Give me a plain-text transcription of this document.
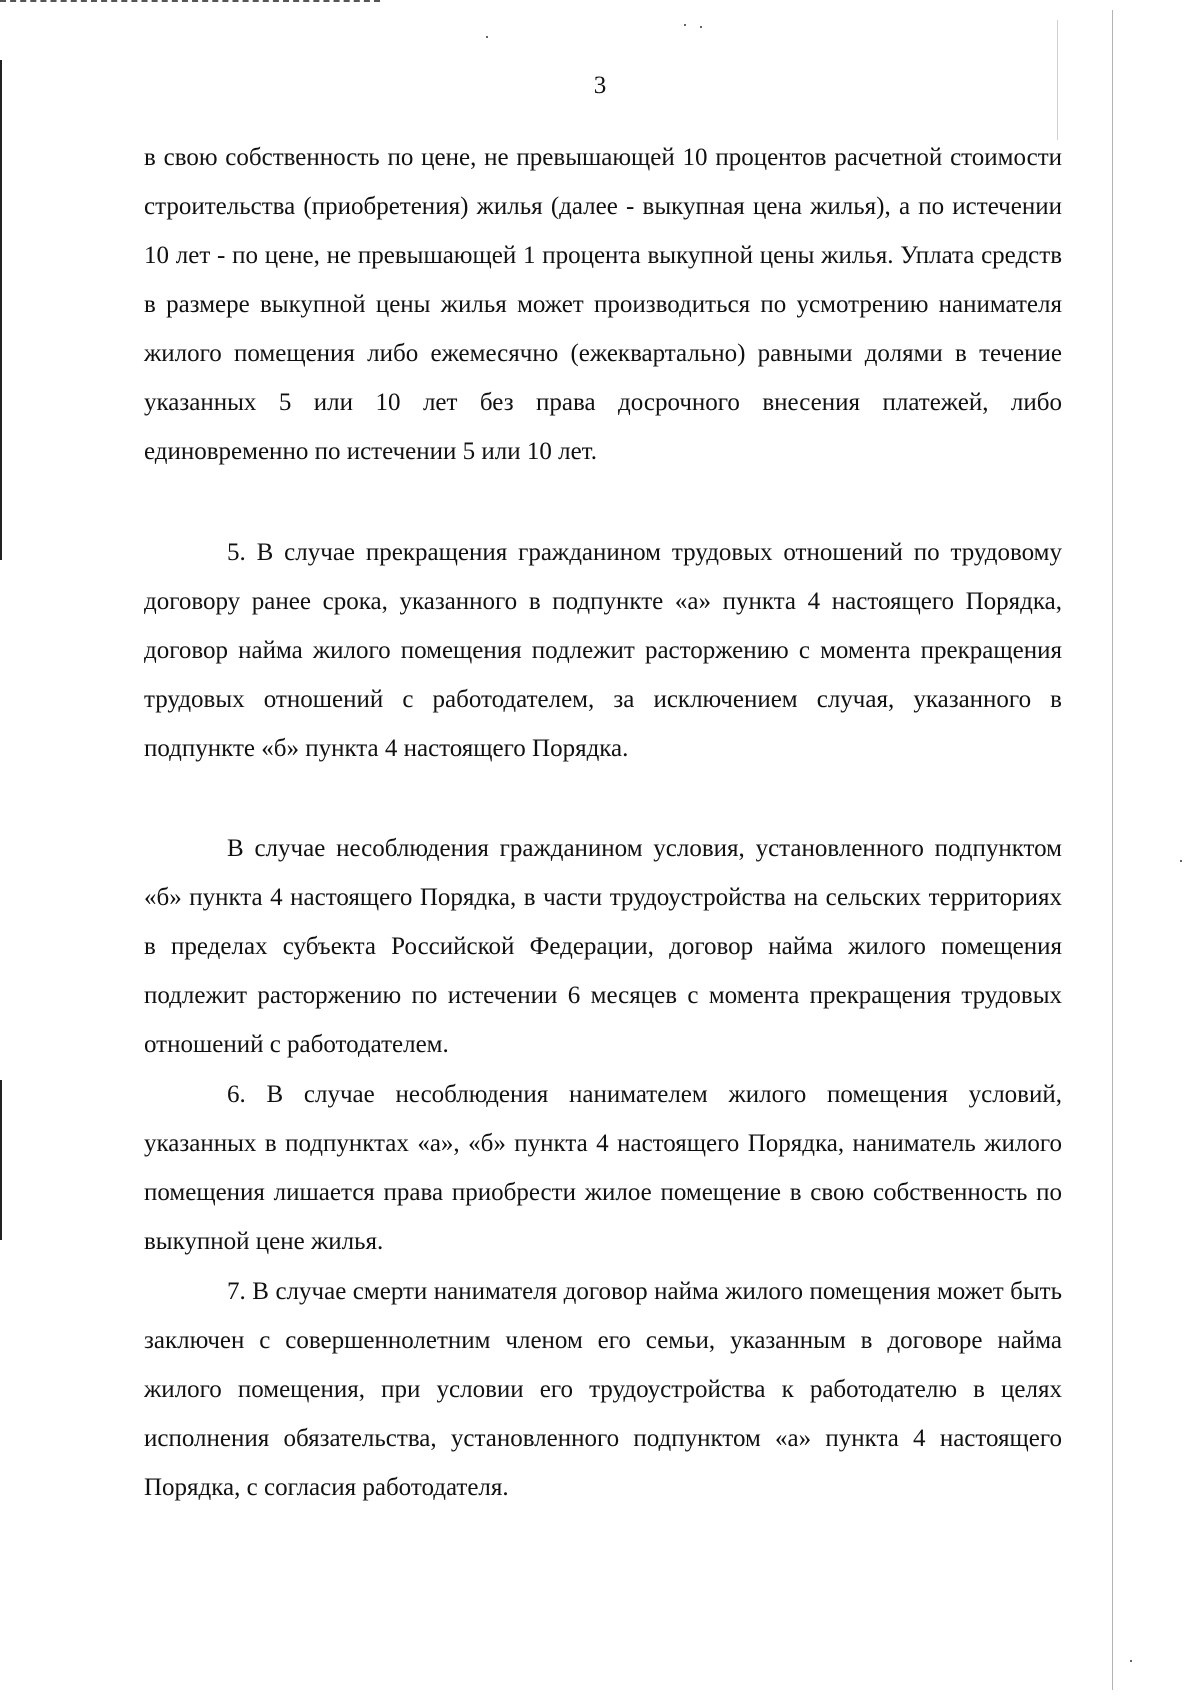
3

в свою собственность по цене, не превышающей 10 процентов расчетной стоимости строительства (приобретения) жилья (далее - выкупная цена жилья), а по истечении 10 лет - по цене, не превышающей 1 процента выкупной цены жилья. Уплата средств в размере выкупной цены жилья может производиться по усмотрению нанимателя жилого помещения либо ежемесячно (ежеквартально) равными долями в течение указанных 5 или 10 лет без права досрочного внесения платежей, либо единовременно по истечении 5 или 10 лет.

5. В случае прекращения гражданином трудовых отношений по трудовому договору ранее срока, указанного в подпункте «а» пункта 4 настоящего Порядка, договор найма жилого помещения подлежит расторжению с момента прекращения трудовых отношений с работодателем, за исключением случая, указанного в подпункте «б» пункта 4 настоящего Порядка.

В случае несоблюдения гражданином условия, установленного подпунктом «б» пункта 4 настоящего Порядка, в части трудоустройства на сельских территориях в пределах субъекта Российской Федерации, договор найма жилого помещения подлежит расторжению по истечении 6 месяцев с момента прекращения трудовых отношений с работодателем.

6. В случае несоблюдения нанимателем жилого помещения условий, указанных в подпунктах «а», «б» пункта 4 настоящего Порядка, наниматель жилого помещения лишается права приобрести жилое помещение в свою собственность по выкупной цене жилья.

7. В случае смерти нанимателя договор найма жилого помещения может быть заключен с совершеннолетним членом его семьи, указанным в договоре найма жилого помещения, при условии его трудоустройства к работодателю в целях исполнения обязательства, установленного подпунктом «а» пункта 4 настоящего Порядка, с согласия работодателя.
